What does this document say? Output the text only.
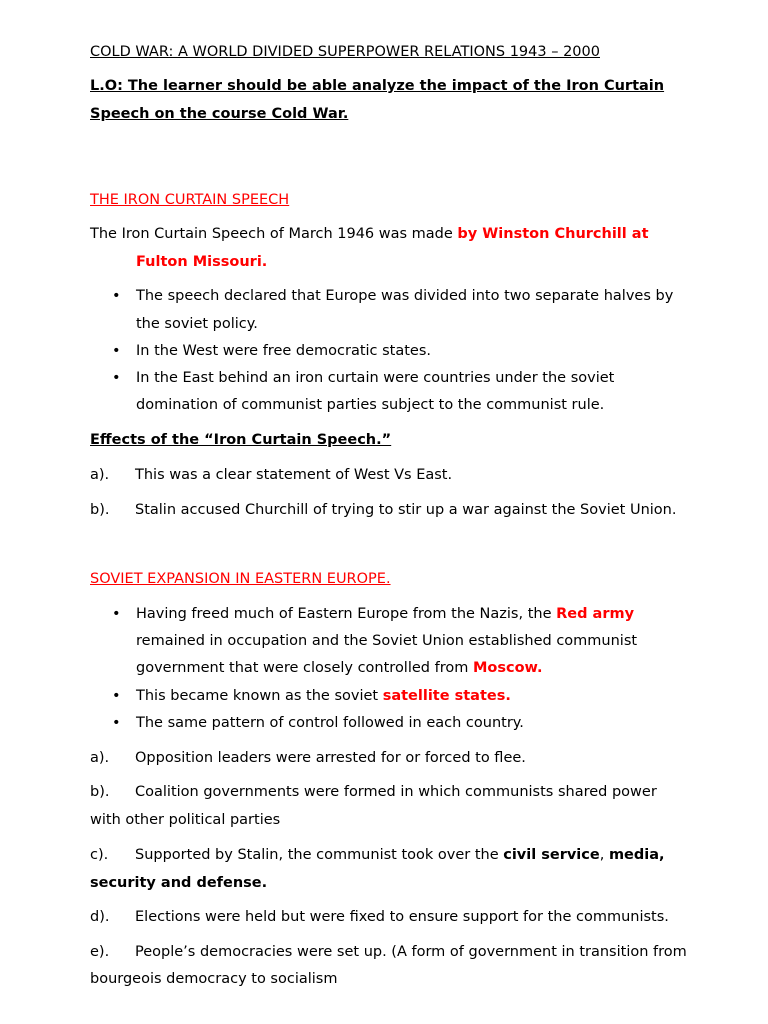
COLD WAR: A WORLD DIVIDED SUPERPOWER RELATIONS 1943 – 2000
L.O: The learner should be able analyze the impact of the Iron Curtain
Speech on the course Cold War.
THE IRON CURTAIN SPEECH
The Iron Curtain Speech of March 1946 was made by Winston Churchill at
Fulton Missouri.
• The speech declared that Europe was divided into two separate halves by
the soviet policy.
• In the West were free democratic states.
• In the East behind an iron curtain were countries under the soviet
domination of communist parties subject to the communist rule.
Effects of the “Iron Curtain Speech.”
a). This was a clear statement of West Vs East.
b). Stalin accused Churchill of trying to stir up a war against the Soviet Union.
SOVIET EXPANSION IN EASTERN EUROPE.
• Having freed much of Eastern Europe from the Nazis, the Red army
remained in occupation and the Soviet Union established communist
government that were closely controlled from Moscow.
• This became known as the soviet satellite states.
• The same pattern of control followed in each country.
a). Opposition leaders were arrested for or forced to flee.
b). Coalition governments were formed in which communists shared power
with other political parties
c). Supported by Stalin, the communist took over the civil service, media,
security and defense.
d). Elections were held but were fixed to ensure support for the communists.
e). People’s democracies were set up. (A form of government in transition from
bourgeois democracy to socialism
